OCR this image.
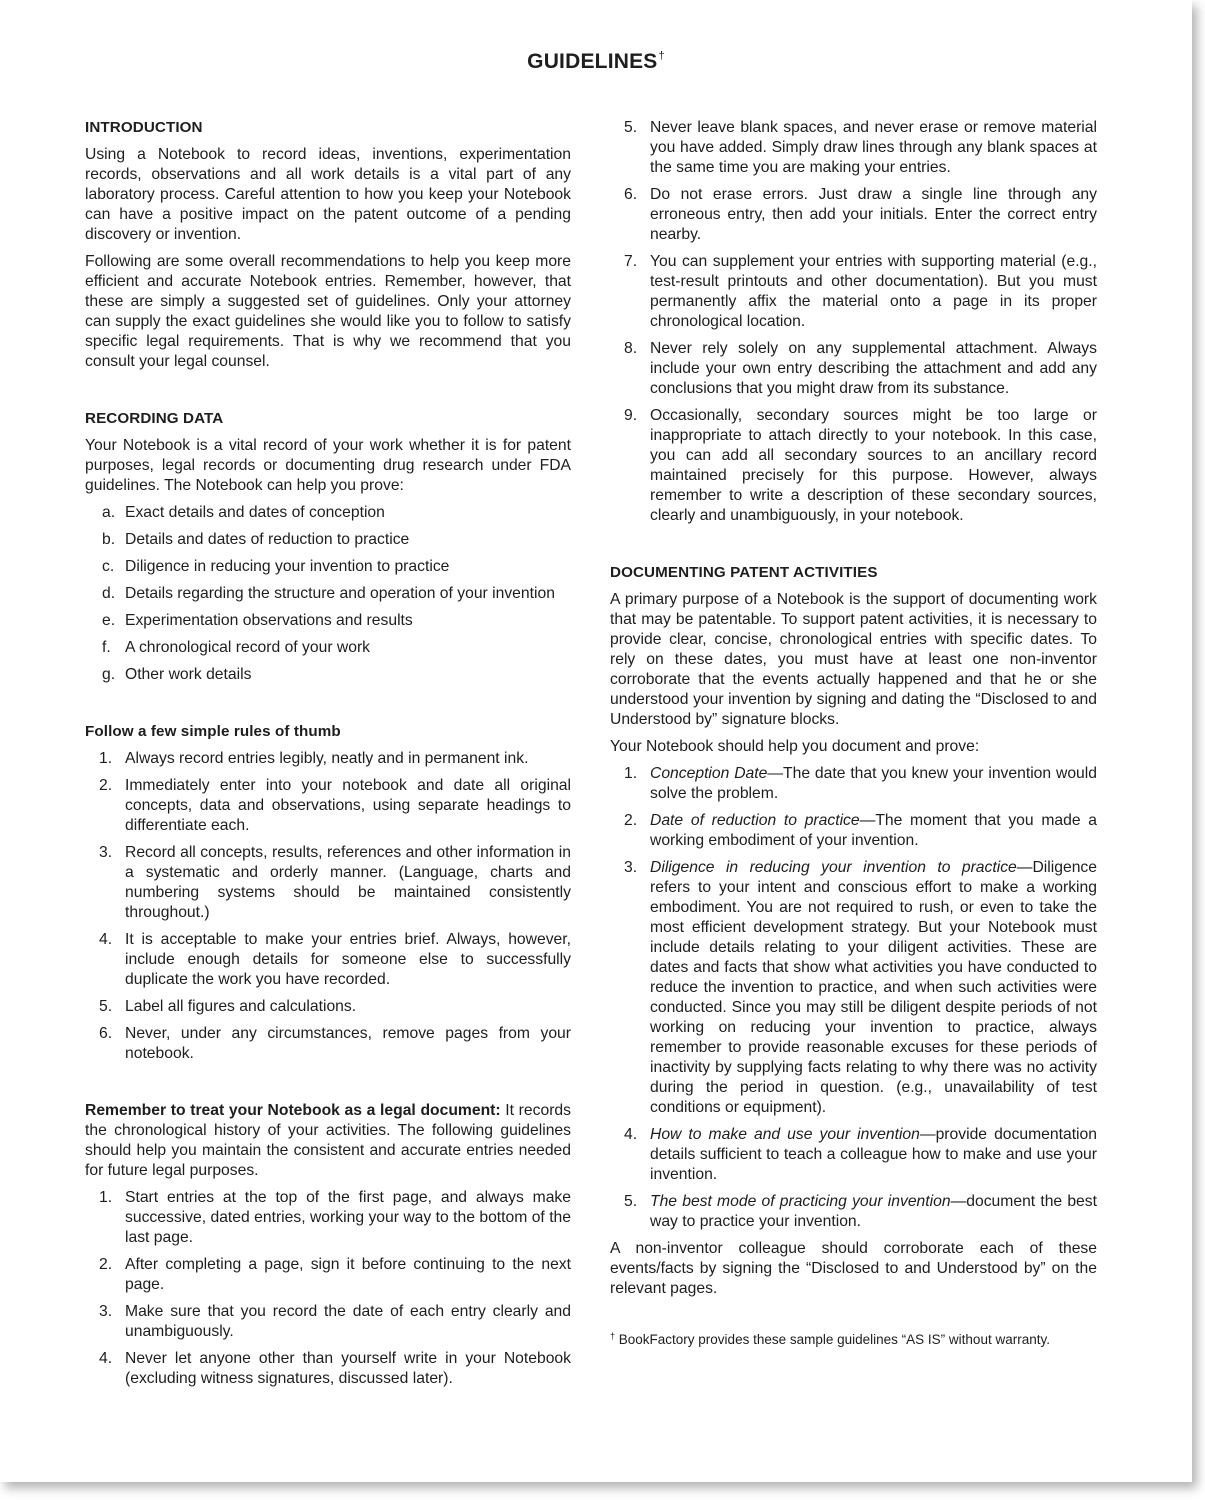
GUIDELINES†
INTRODUCTION
Using a Notebook to record ideas, inventions, experimentation records, observations and all work details is a vital part of any laboratory process. Careful attention to how you keep your Notebook can have a positive impact on the patent outcome of a pending discovery or invention.
Following are some overall recommendations to help you keep more efficient and accurate Notebook entries. Remember, however, that these are simply a suggested set of guidelines. Only your attorney can supply the exact guidelines she would like you to follow to satisfy specific legal requirements. That is why we recommend that you consult your legal counsel.
RECORDING DATA
Your Notebook is a vital record of your work whether it is for patent purposes, legal records or documenting drug research under FDA guidelines. The Notebook can help you prove:
a. Exact details and dates of conception
b. Details and dates of reduction to practice
c. Diligence in reducing your invention to practice
d. Details regarding the structure and operation of your invention
e. Experimentation observations and results
f. A chronological record of your work
g. Other work details
Follow a few simple rules of thumb
1. Always record entries legibly, neatly and in permanent ink.
2. Immediately enter into your notebook and date all original concepts, data and observations, using separate headings to differentiate each.
3. Record all concepts, results, references and other information in a systematic and orderly manner. (Language, charts and numbering systems should be maintained consistently throughout.)
4. It is acceptable to make your entries brief. Always, however, include enough details for someone else to successfully duplicate the work you have recorded.
5. Label all figures and calculations.
6. Never, under any circumstances, remove pages from your notebook.
Remember to treat your Notebook as a legal document: It records the chronological history of your activities. The following guidelines should help you maintain the consistent and accurate entries needed for future legal purposes.
1. Start entries at the top of the first page, and always make successive, dated entries, working your way to the bottom of the last page.
2. After completing a page, sign it before continuing to the next page.
3. Make sure that you record the date of each entry clearly and unambiguously.
4. Never let anyone other than yourself write in your Notebook (excluding witness signatures, discussed later).
5. Never leave blank spaces, and never erase or remove material you have added. Simply draw lines through any blank spaces at the same time you are making your entries.
6. Do not erase errors. Just draw a single line through any erroneous entry, then add your initials. Enter the correct entry nearby.
7. You can supplement your entries with supporting material (e.g., test-result printouts and other documentation). But you must permanently affix the material onto a page in its proper chronological location.
8. Never rely solely on any supplemental attachment. Always include your own entry describing the attachment and add any conclusions that you might draw from its substance.
9. Occasionally, secondary sources might be too large or inappropriate to attach directly to your notebook. In this case, you can add all secondary sources to an ancillary record maintained precisely for this purpose. However, always remember to write a description of these secondary sources, clearly and unambiguously, in your notebook.
DOCUMENTING PATENT ACTIVITIES
A primary purpose of a Notebook is the support of documenting work that may be patentable. To support patent activities, it is necessary to provide clear, concise, chronological entries with specific dates. To rely on these dates, you must have at least one non-inventor corroborate that the events actually happened and that he or she understood your invention by signing and dating the “Disclosed to and Understood by” signature blocks.
Your Notebook should help you document and prove:
1. Conception Date—The date that you knew your invention would solve the problem.
2. Date of reduction to practice—The moment that you made a working embodiment of your invention.
3. Diligence in reducing your invention to practice—Diligence refers to your intent and conscious effort to make a working embodiment. You are not required to rush, or even to take the most efficient development strategy. But your Notebook must include details relating to your diligent activities. These are dates and facts that show what activities you have conducted to reduce the invention to practice, and when such activities were conducted. Since you may still be diligent despite periods of not working on reducing your invention to practice, always remember to provide reasonable excuses for these periods of inactivity by supplying facts relating to why there was no activity during the period in question. (e.g., unavailability of test conditions or equipment).
4. How to make and use your invention—provide documentation details sufficient to teach a colleague how to make and use your invention.
5. The best mode of practicing your invention—document the best way to practice your invention.
A non-inventor colleague should corroborate each of these events/facts by signing the “Disclosed to and Understood by” on the relevant pages.
† BookFactory provides these sample guidelines “AS IS” without warranty.
